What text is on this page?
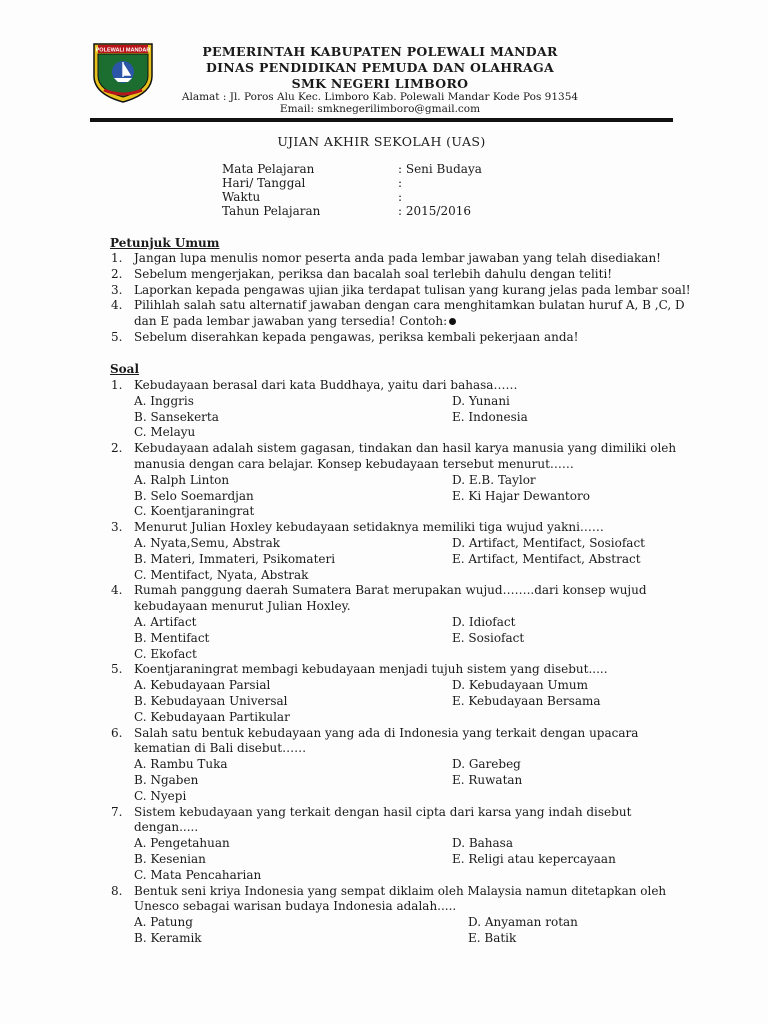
POLEWALI MANDAR	PEMERINTAH KABUPATEN POLEWALI MANDAR
DINAS PENDIDIKAN PEMUDA DAN OLAHRAGA
SMK NEGERI LIMBORO
Alamat : Jl. Poros Alu Kec. Limboro Kab. Polewali Mandar Kode Pos 91354
Email: smknegerilimboro@gmail.com
UJIAN AKHIR SEKOLAH (UAS)
Mata Pelajaran	: Seni Budaya
Hari/ Tanggal	:
Waktu	:
Tahun Pelajaran	: 2015/2016
Petunjuk Umum
1. Jangan lupa menulis nomor peserta anda pada lembar jawaban yang telah disediakan!
2. Sebelum mengerjakan, periksa dan bacalah soal terlebih dahulu dengan teliti!
3. Laporkan kepada pengawas ujian jika terdapat tulisan yang kurang jelas pada lembar soal!
4. Pilihlah salah satu alternatif jawaban dengan cara menghitamkan bulatan huruf A, B ,C, D
dan E pada lembar jawaban yang tersedia! Contoh:
5. Sebelum diserahkan kepada pengawas, periksa kembali pekerjaan anda!
Soal
1. Kebudayaan berasal dari kata Buddhaya, yaitu dari bahasa……
A. Inggris	D. Yunani
B. Sansekerta	E. Indonesia
C. Melayu
2. Kebudayaan adalah sistem gagasan, tindakan dan hasil karya manusia yang dimiliki oleh
manusia dengan cara belajar. Konsep kebudayaan tersebut menurut……
A. Ralph Linton	D. E.B. Taylor
B. Selo Soemardjan	E. Ki Hajar Dewantoro
C. Koentjaraningrat
3. Menurut Julian Hoxley kebudayaan setidaknya memiliki tiga wujud yakni……
A. Nyata,Semu, Abstrak	D. Artifact, Mentifact, Sosiofact
B. Materi, Immateri, Psikomateri	E. Artifact, Mentifact, Abstract
C. Mentifact, Nyata, Abstrak
4. Rumah panggung daerah Sumatera Barat merupakan wujud……..dari konsep wujud
kebudayaan menurut Julian Hoxley.
A. Artifact	D. Idiofact
B. Mentifact	E. Sosiofact
C. Ekofact
5. Koentjaraningrat membagi kebudayaan menjadi tujuh sistem yang disebut.....
A. Kebudayaan Parsial	D. Kebudayaan Umum
B. Kebudayaan Universal	E. Kebudayaan Bersama
C. Kebudayaan Partikular
6. Salah satu bentuk kebudayaan yang ada di Indonesia yang terkait dengan upacara
kematian di Bali disebut……
A. Rambu Tuka	D. Garebeg
B. Ngaben	E. Ruwatan
C. Nyepi
7. Sistem kebudayaan yang terkait dengan hasil cipta dari karsa yang indah disebut
dengan.....
A. Pengetahuan	D. Bahasa
B. Kesenian	E. Religi atau kepercayaan
C. Mata Pencaharian
8. Bentuk seni kriya Indonesia yang sempat diklaim oleh Malaysia namun ditetapkan oleh
Unesco sebagai warisan budaya Indonesia adalah.....
A. Patung	D. Anyaman rotan
B. Keramik	E. Batik
